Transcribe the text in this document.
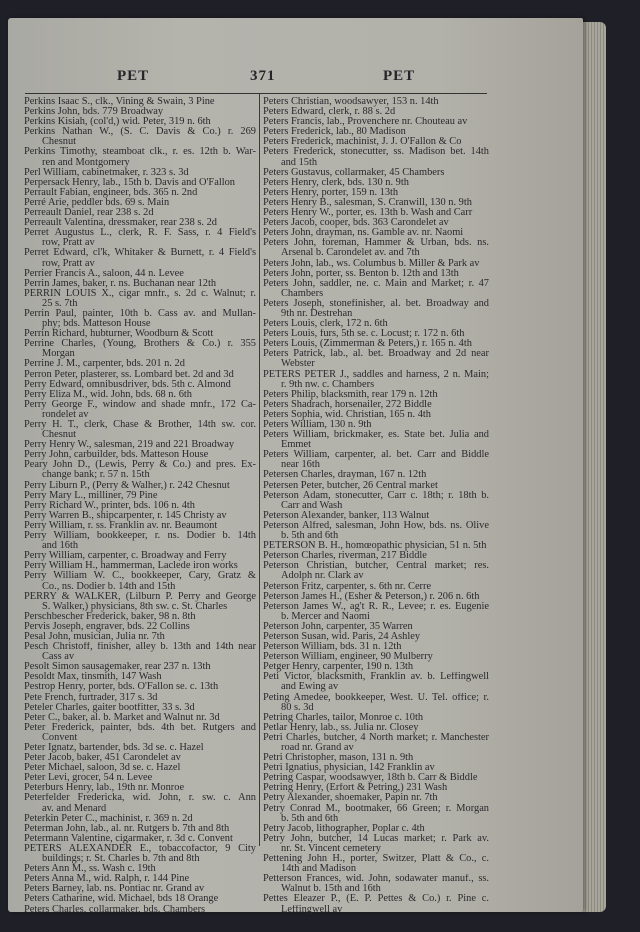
PET	371	PET
Perkins Isaac S., clk., Vining & Swain, 3 Pine
Perkins John, bds. 779 Broadway
Perkins Kisiah, (col'd,) wid. Peter, 319 n. 6th
Perkins Nathan W., (S. C. Davis & Co.) r. 269
Chesnut
Perkins Timothy, steamboat clk., r. es. 12th b. War-
ren and Montgomery
Perl William, cabinetmaker, r. 323 s. 3d
Perpersack Henry, lab., 15th b. Davis and O'Fallon
Perrault Fabian, engineer, bds. 365 n. 2nd
Perré Arie, peddler bds. 69 s. Main
Perreault Daniel, rear 238 s. 2d
Perreault Valentina, dressmaker, rear 238 s. 2d
Perret Augustus L., clerk, R. F. Sass, r. 4 Field's
row, Pratt av
Perret Edward, cl'k, Whitaker & Burnett, r. 4 Field's
row, Pratt av
Perrier Francis A., saloon, 44 n. Levee
Perrin James, baker, r. ns. Buchanan near 12th
PERRIN LOUIS X., cigar mnfr., s. 2d c. Walnut; r.
25 s. 7th
Perrin Paul, painter, 10th b. Cass av. and Mullan-
phy; bds. Matteson House
Perrin Richard, hubturner, Woodburn & Scott
Perrine Charles, (Young, Brothers & Co.) r. 355
Morgan
Perrine J. M., carpenter, bds. 201 n. 2d
Perron Peter, plasterer, ss. Lombard bet. 2d and 3d
Perry Edward, omnibusdriver, bds. 5th c. Almond
Perry Eliza M., wid. John, bds. 68 n. 6th
Perry George F., window and shade mnfr., 172 Ca-
rondelet av
Perry H. T., clerk, Chase & Brother, 14th sw. cor.
Chesnut
Perry Henry W., salesman, 219 and 221 Broadway
Perry John, carbuilder, bds. Matteson House
Peary John D., (Lewis, Perry & Co.) and pres. Ex-
change bank; r. 57 n. 15th
Perry Liburn P., (Perry & Walher,) r. 242 Chesnut
Perry Mary L., milliner, 79 Pine
Perry Richard W., printer, bds. 106 n. 4th
Perry Warren B., shipcarpenter, r. 145 Christy av
Perry William, r. ss. Franklin av. nr. Beaumont
Perry William, bookkeeper, r. ns. Dodier b. 14th
and 16th
Perry William, carpenter, c. Broadway and Ferry
Perry William H., hammerman, Laclede iron works
Perry William W. C., bookkeeper, Cary, Gratz &
Co., ns. Dodier b. 14th and 15th
PERRY & WALKER, (Lilburn P. Perry and George
S. Walker,) physicians, 8th sw. c. St. Charles
Perschbescher Frederick, baker, 98 n. 8th
Pervis Joseph, engraver, bds. 22 Collins
Pesal John, musician, Julia nr. 7th
Pesch Christoff, finisher, alley b. 13th and 14th near
Cass av
Pesolt Simon sausagemaker, rear 237 n. 13th
Pesoldt Max, tinsmith, 147 Wash
Pestrop Henry, porter, bds. O'Fallon se. c. 13th
Pete French, furtrader, 317 s. 3d
Peteler Charles, gaiter bootfitter, 33 s. 3d
Peter C., baker, al. b. Market and Walnut nr. 3d
Peter Frederick, painter, bds. 4th bet. Rutgers and
Convent
Peter Ignatz, bartender, bds. 3d se. c. Hazel
Peter Jacob, baker, 451 Carondelet av
Peter Michael, saloon, 3d se. c. Hazel
Peter Levi, grocer, 54 n. Levee
Peterburs Henry, lab., 19th nr. Monroe
Peterfelder Fredericka, wid. John, r. sw. c. Ann
av. and Menard
Peterkin Peter C., machinist, r. 369 n. 2d
Peterman John, lab., al. nr. Rutgers b. 7th and 8th
Petermann Valentine, cigarmaker, r. 3d c. Convent
PETERS ALEXANDER E., tobaccofactor, 9 City
buildings; r. St. Charles b. 7th and 8th
Peters Ann M., ss. Wash c. 19th
Peters Anna M., wid. Ralph, r. 144 Pine
Peters Barney, lab. ns. Pontiac nr. Grand av
Peters Catharine, wid. Michael, bds 18 Orange
Peters Charles, collarmaker, bds. Chambers
Peters Christian, woodsawyer, 153 n. 14th
Peters Edward, clerk, r. 88 s. 2d
Peters Francis, lab., Provenchere nr. Chouteau av
Peters Frederick, lab., 80 Madison
Peters Frederick, machinist, J. J. O'Fallon & Co
Peters Frederick, stonecutter, ss. Madison bet. 14th
and 15th
Peters Gustavus, collarmaker, 45 Chambers
Peters Henry, clerk, bds. 130 n. 9th
Peters Henry, porter, 159 n. 13th
Peters Henry B., salesman, S. Cranwill, 130 n. 9th
Peters Henry W., porter, es. 13th b. Wash and Carr
Peters Jacob, cooper, bds. 363 Carondelet av
Peters John, drayman, ns. Gamble av. nr. Naomi
Peters John, foreman, Hammer & Urban, bds. ns.
Arsenal b. Carondelet av. and 7th
Peters John, lab., ws. Columbus b. Miller & Park av
Peters John, porter, ss. Benton b. 12th and 13th
Peters John, saddler, ne. c. Main and Market; r. 47
Chambers
Peters Joseph, stonefinisher, al. bet. Broadway and
9th nr. Destrehan
Peters Louis, clerk, 172 n. 6th
Peters Louis, furs, 5th se. c. Locust; r. 172 n. 6th
Peters Louis, (Zimmerman & Peters,) r. 165 n. 4th
Peters Patrick, lab., al. bet. Broadway and 2d near
Webster
PETERS PETER J., saddles and harness, 2 n. Main;
r. 9th nw. c. Chambers
Peters Philip, blacksmith, rear 179 n. 12th
Peters Shadrach, horsenailer, 272 Biddle
Peters Sophia, wid. Christian, 165 n. 4th
Peters William, 130 n. 9th
Peters William, brickmaker, es. State bet. Julia and
Emmet
Peters William, carpenter, al. bet. Carr and Biddle
near 16th
Petersen Charles, drayman, 167 n. 12th
Petersen Peter, butcher, 26 Central market
Peterson Adam, stonecutter, Carr c. 18th; r. 18th b.
Carr and Wash
Peterson Alexander, banker, 113 Walnut
Peterson Alfred, salesman, John How, bds. ns. Olive
b. 5th and 6th
PETERSON B. H., homœopathic physician, 51 n. 5th
Peterson Charles, riverman, 217 Biddle
Peterson Christian, butcher, Central market; res.
Adolph nr. Clark av
Peterson Fritz, carpenter, s. 6th nr. Cerre
Peterson James H., (Esher & Peterson,) r. 206 n. 6th
Peterson James W., ag't R. R., Levee; r. es. Eugenie
b. Mercer and Naomi
Peterson John, carpenter, 35 Warren
Peterson Susan, wid. Paris, 24 Ashley
Peterson William, bds. 31 n. 12th
Peterson William, engineer, 90 Mulberry
Petger Henry, carpenter, 190 n. 13th
Peti Victor, blacksmith, Franklin av. b. Leffingwell
and Ewing av
Peting Amedee, bookkeeper, West. U. Tel. office; r.
80 s. 3d
Petring Charles, tailor, Monroe c. 10th
Petlar Henry, lab., ss. Julia nr. Closey
Petri Charles, butcher, 4 North market; r. Manchester
road nr. Grand av
Petri Christopher, mason, 131 n. 9th
Petri Ignatius, physician, 142 Franklin av
Petring Caspar, woodsawyer, 18th b. Carr & Biddle
Petring Henry, (Erfort & Petring,) 231 Wash
Petry Alexander, shoemaker, Papin nr. 7th
Petry Conrad M., bootmaker, 66 Green; r. Morgan
b. 5th and 6th
Petry Jacob, lithographer, Poplar c. 4th
Petry John, butcher, 14 Lucas market; r. Park av.
nr. St. Vincent cemetery
Pettening John H., porter, Switzer, Platt & Co., c.
14th and Madison
Petterson Frances, wid. John, sodawater manuf., ss.
Walnut b. 15th and 16th
Pettes Eleazer P., (E. P. Pettes & Co.) r. Pine c.
Leffingwell av
